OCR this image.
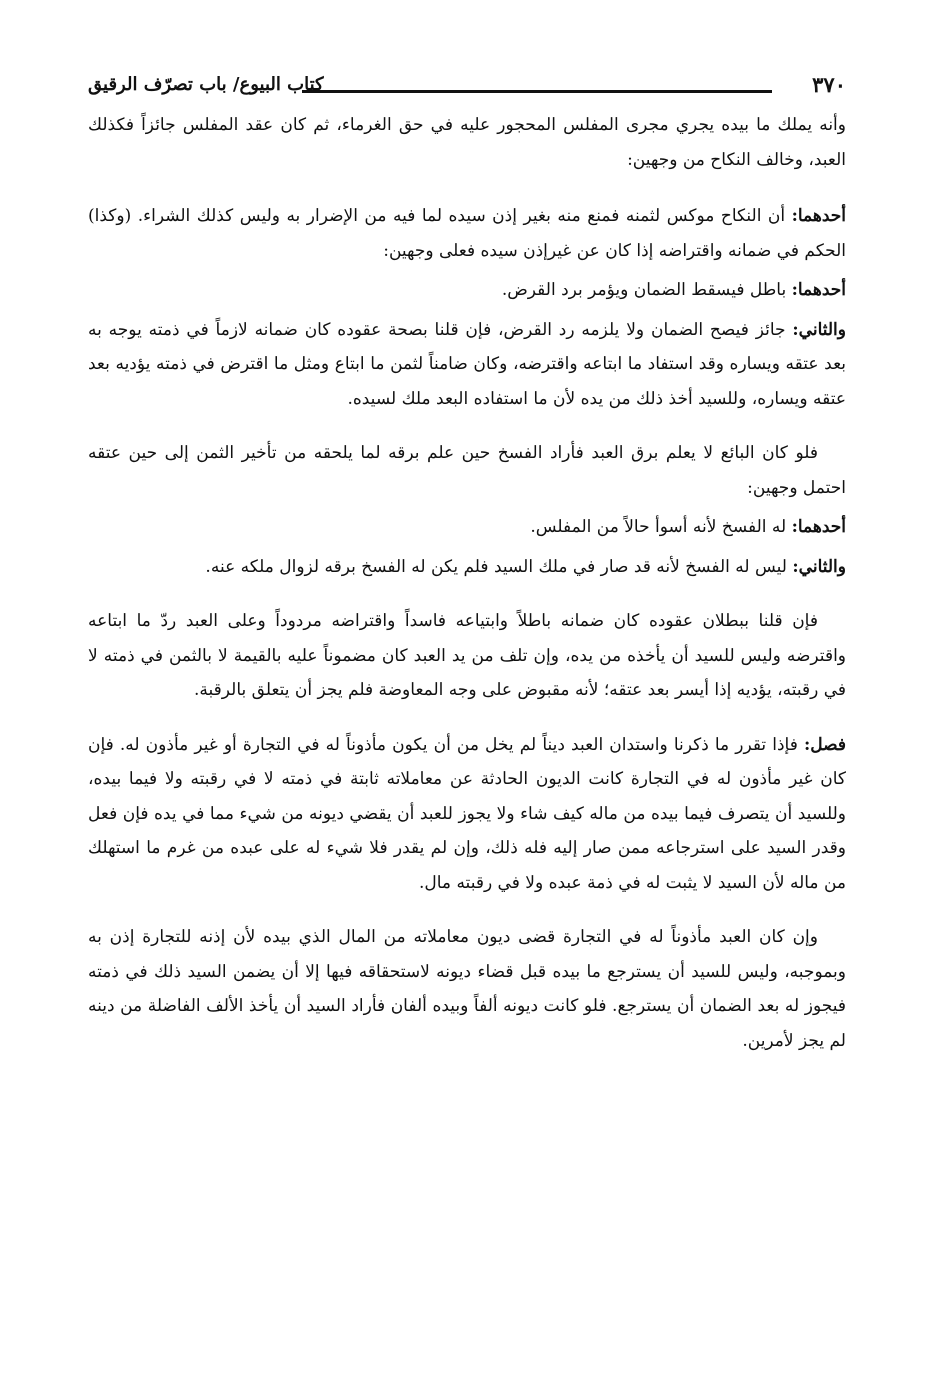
٣٧٠
كتاب البيوع/ باب تصرّف الرقيق

وأنه يملك ما بيده يجري مجرى المفلس المحجور عليه في حق الغرماء، ثم كان عقد المفلس جائزاً فكذلك العبد، وخالف النكاح من وجهين:

أحدهما: أن النكاح موكس لثمنه فمنع منه بغير إذن سيده لما فيه من الإضرار به وليس كذلك الشراء. (وكذا) الحكم في ضمانه واقتراضه إذا كان عن غيرإذن سيده فعلى وجهين:

أحدهما: باطل فيسقط الضمان ويؤمر برد القرض.

والثاني: جائز فيصح الضمان ولا يلزمه رد القرض، فإن قلنا بصحة عقوده كان ضمانه لازماً في ذمته يوجه به بعد عتقه ويساره وقد استفاد ما ابتاعه واقترضه، وكان ضامناً لثمن ما ابتاع ومثل ما اقترض في ذمته يؤديه بعد عتقه ويساره، وللسيد أخذ ذلك من يده لأن ما استفاده البعد ملك لسيده.

فلو كان البائع لا يعلم برق العبد فأراد الفسخ حين علم برقه لما يلحقه من تأخير الثمن إلى حين عتقه احتمل وجهين:

أحدهما: له الفسخ لأنه أسوأ حالاً من المفلس.

والثاني: ليس له الفسخ لأنه قد صار في ملك السيد فلم يكن له الفسخ برقه لزوال ملكه عنه.

فإن قلنا ببطلان عقوده كان ضمانه باطلاً وابتياعه فاسداً واقتراضه مردوداً وعلى العبد ردّ ما ابتاعه واقترضه وليس للسيد أن يأخذه من يده، وإن تلف من يد العبد كان مضموناً عليه بالقيمة لا بالثمن في ذمته لا في رقبته، يؤديه إذا أيسر بعد عتقه؛ لأنه مقبوض على وجه المعاوضة فلم يجز أن يتعلق بالرقبة.

فصل: فإذا تقرر ما ذكرنا واستدان العبد ديناً لم يخل من أن يكون مأذوناً له في التجارة أو غير مأذون له. فإن كان غير مأذون له في التجارة كانت الديون الحادثة عن معاملاته ثابتة في ذمته لا في رقبته ولا فيما بيده، وللسيد أن يتصرف فيما بيده من ماله كيف شاء ولا يجوز للعبد أن يقضي ديونه من شيء مما في يده فإن فعل وقدر السيد على استرجاعه ممن صار إليه فله ذلك، وإن لم يقدر فلا شيء له على عبده من غرم ما استهلك من ماله لأن السيد لا يثبت له في ذمة عبده ولا في رقبته مال.

وإن كان العبد مأذوناً له في التجارة قضى ديون معاملاته من المال الذي بيده لأن إذنه للتجارة إذن به وبموجبه، وليس للسيد أن يسترجع ما بيده قبل قضاء ديونه لاستحقاقه فيها إلا أن يضمن السيد ذلك في ذمته فيجوز له بعد الضمان أن يسترجع. فلو كانت ديونه ألفاً وبيده ألفان فأراد السيد أن يأخذ الألف الفاضلة من دينه لم يجز لأمرين.
